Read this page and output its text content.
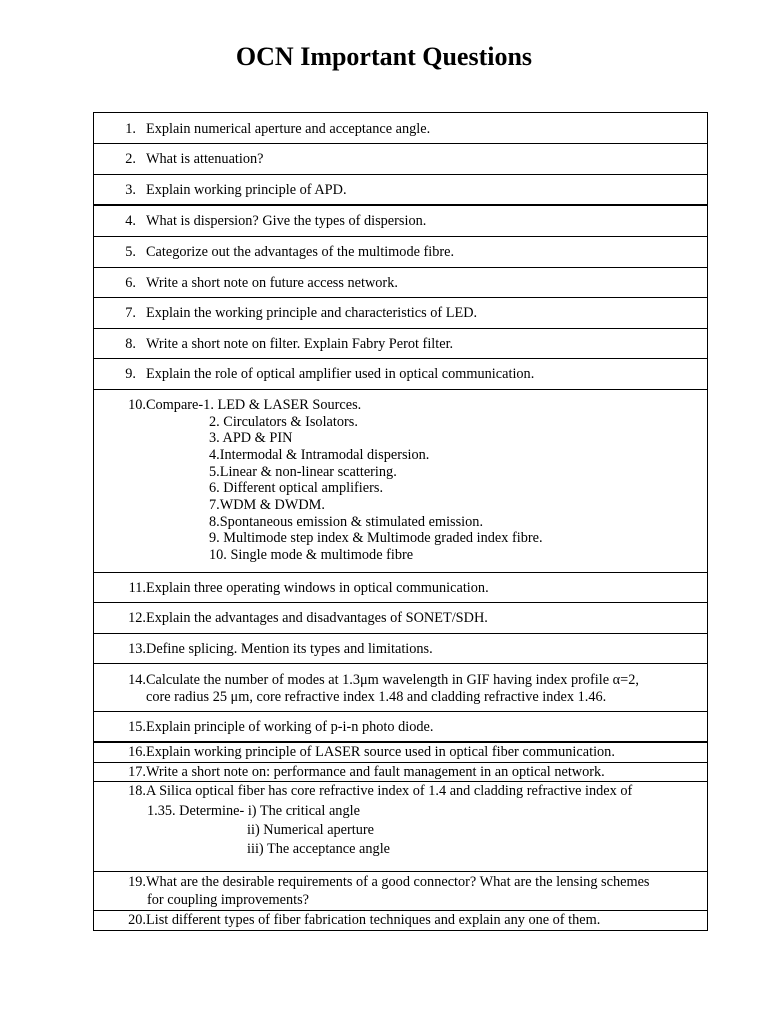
OCN Important Questions
1. Explain numerical aperture and acceptance angle.
2. What is attenuation?
3. Explain working principle of APD.
4. What is dispersion? Give the types of dispersion.
5. Categorize out the advantages of the multimode fibre.
6. Write a short note on future access network.
7. Explain the working principle and characteristics of LED.
8. Write a short note on filter. Explain Fabry Perot filter.
9. Explain the role of optical amplifier used in optical communication.
10. Compare-1. LED & LASER Sources.
2. Circulators & Isolators.
3. APD & PIN
4.Intermodal & Intramodal dispersion.
5.Linear & non-linear scattering.
6. Different optical amplifiers.
7.WDM & DWDM.
8.Spontaneous emission & stimulated emission.
9. Multimode step index & Multimode graded index fibre.
10. Single mode & multimode fibre
11. Explain three operating windows in optical communication.
12. Explain the advantages and disadvantages of SONET/SDH.
13. Define splicing. Mention its types and limitations.
14. Calculate the number of modes at 1.3μm wavelength in GIF having index profile α=2,
core radius 25 μm, core refractive index 1.48 and cladding refractive index 1.46.
15. Explain principle of working of p-i-n photo diode.
16. Explain working principle of LASER source used in optical fiber communication.
17. Write a short note on: performance and fault management in an optical network.
18. A Silica optical fiber has core refractive index of 1.4 and cladding refractive index of
1.35. Determine- i) The critical angle
ii) Numerical aperture
iii) The acceptance angle
19. What are the desirable requirements of a good connector? What are the lensing schemes
for coupling improvements?
20. List different types of fiber fabrication techniques and explain any one of them.
